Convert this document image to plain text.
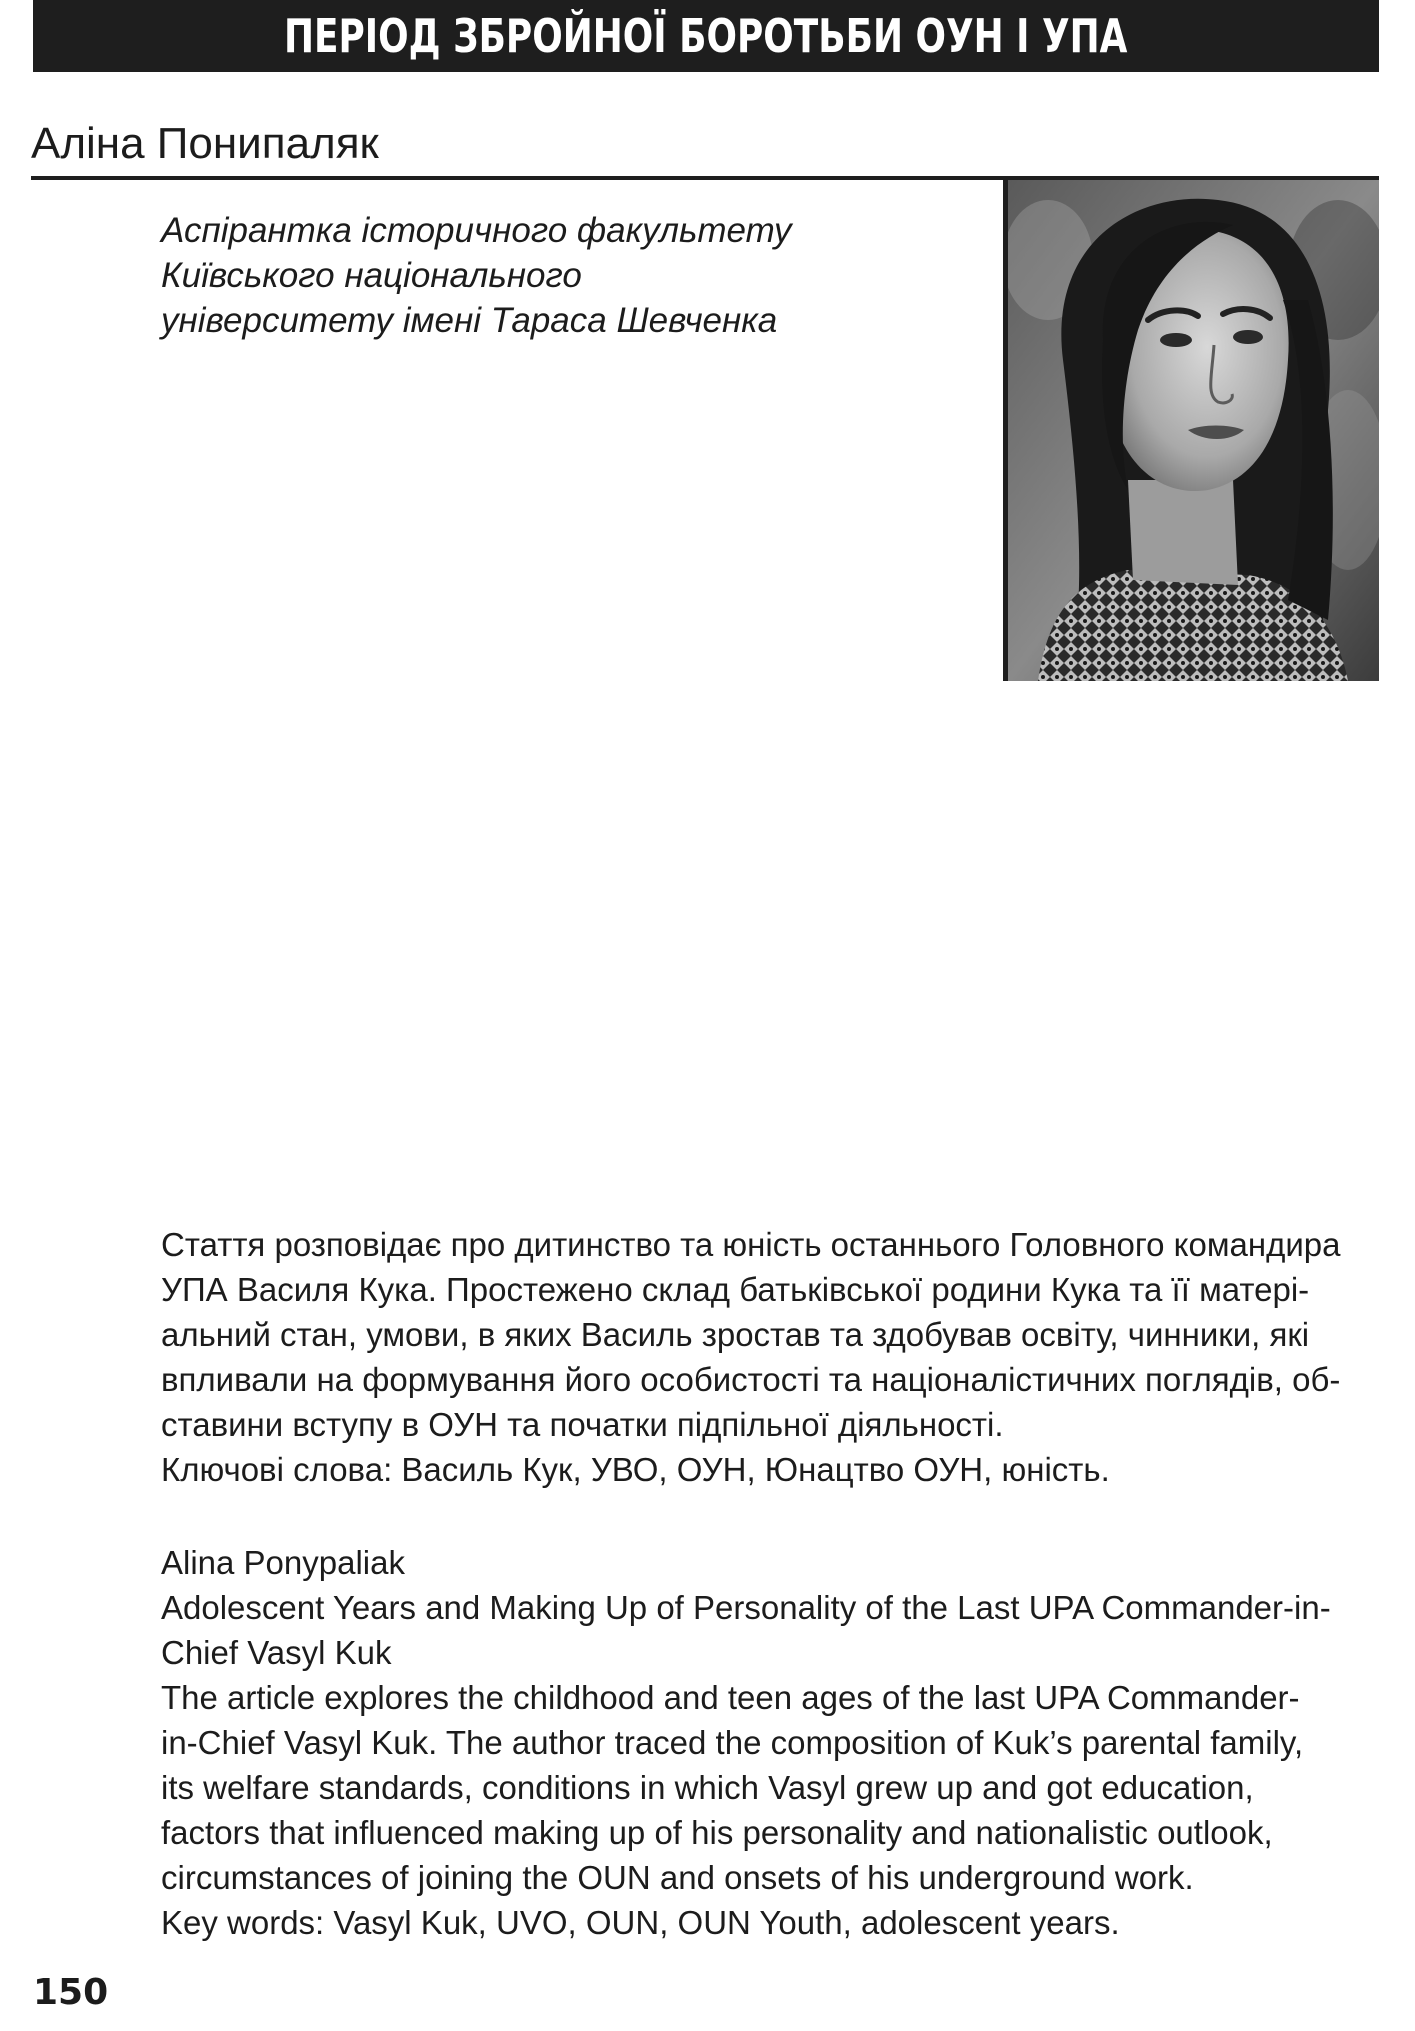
ПЕРІОД ЗБРОЙНОЇ БОРОТЬБИ ОУН І УПА
Аліна Понипаляк
Аспірантка історичного факультету
Київського національного
університету імені Тараса Шевченка
Стаття розповідає про дитинство та юність останнього Головного командира
УПА Василя Кука. Простежено склад батьківської родини Кука та її матері-
альний стан, умови, в яких Василь зростав та здобував освіту, чинники, які
впливали на формування його особистості та націоналістичних поглядів, об-
ставини вступу в ОУН та початки підпільної діяльності.
Ключові слова: Василь Кук, УВО, ОУН, Юнацтво ОУН, юність.
Alina Ponypaliak
Adolescent Years and Making Up of Personality of the Last UPA Commander-in-
Chief Vasyl Kuk
The article explores the childhood and teen ages of the last UPA Commander-
in-Chief Vasyl Kuk. The author traced the composition of Kuk’s parental family,
its welfare standards, conditions in which Vasyl grew up and got education,
factors that influenced making up of his personality and nationalistic outlook,
circumstances of joining the OUN and onsets of his underground work.
Key words: Vasyl Kuk, UVO, OUN, OUN Youth, adolescent years.
150
